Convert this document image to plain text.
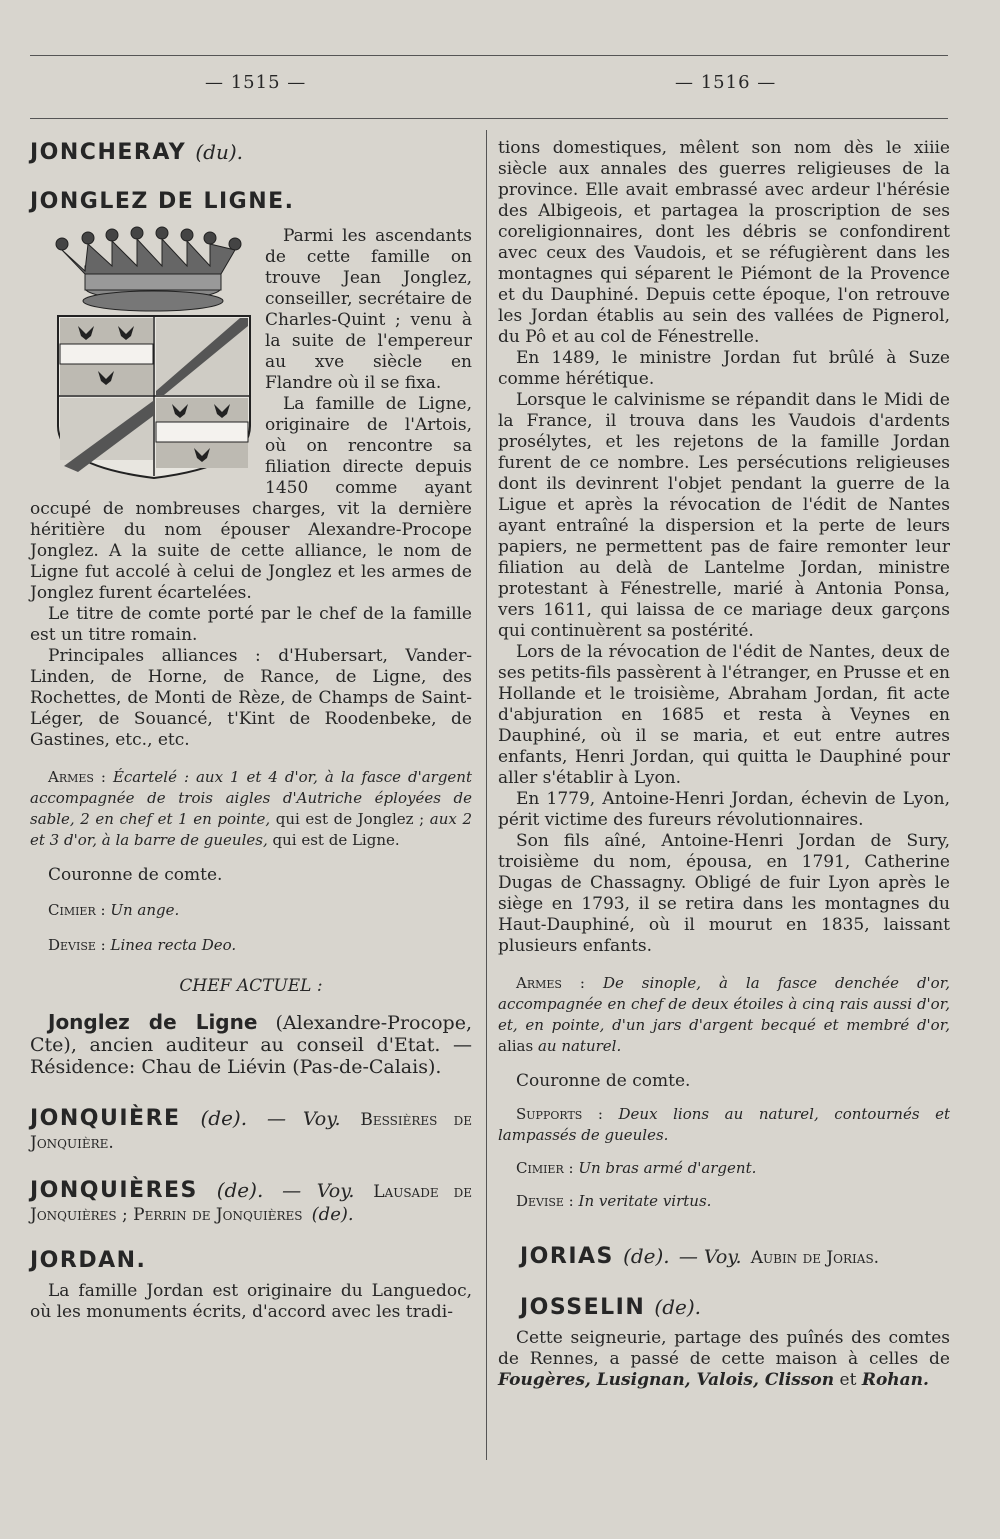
— 1515 —	— 1516 —

JONCHERAY (du).

JONGLEZ DE LIGNE.

Parmi les ascendants de cette famille on trouve Jean Jonglez, conseiller, secrétaire de Charles-Quint ; venu à la suite de l'empereur au xve siècle en Flandre où il se fixa.

La famille de Ligne, originaire de l'Artois, où on rencontre sa filiation directe depuis 1450 comme ayant occupé de nombreuses charges, vit la dernière héritière du nom épouser Alexandre-Procope Jonglez. A la suite de cette alliance, le nom de Ligne fut accolé à celui de Jonglez et les armes de Jonglez furent écartelées.

Le titre de comte porté par le chef de la famille est un titre romain.

Principales alliances : d'Hubersart, Vander-Linden, de Horne, de Rance, de Ligne, des Rochettes, de Monti de Rèze, de Champs de Saint-Léger, de Souancé, t'Kint de Roodenbeke, de Gastines, etc., etc.

Armes : Écartelé : aux 1 et 4 d'or, à la fasce d'argent accompagnée de trois aigles d'Autriche éployées de sable, 2 en chef et 1 en pointe, qui est de Jonglez ; aux 2 et 3 d'or, à la barre de gueules, qui est de Ligne.

Couronne de comte.

Cimier : Un ange.

Devise : Linea recta Deo.

CHEF ACTUEL :

Jonglez de Ligne (Alexandre-Procope, Cte), ancien auditeur au conseil d'Etat. — Résidence: Chau de Liévin (Pas-de-Calais).

JONQUIÈRE (de). — Voy. Bessières de Jonquière.

JONQUIÈRES (de). — Voy. Lausade de Jonquières ; Perrin de Jonquières (de).

JORDAN.

La famille Jordan est originaire du Languedoc, où les monuments écrits, d'accord avec les tradi-

tions domestiques, mêlent son nom dès le xiiie siècle aux annales des guerres religieuses de la province. Elle avait embrassé avec ardeur l'hérésie des Albigeois, et partagea la proscription de ses coreligionnaires, dont les débris se confondirent avec ceux des Vaudois, et se réfugièrent dans les montagnes qui séparent le Piémont de la Provence et du Dauphiné. Depuis cette époque, l'on retrouve les Jordan établis au sein des vallées de Pignerol, du Pô et au col de Fénestrelle.

En 1489, le ministre Jordan fut brûlé à Suze comme hérétique.

Lorsque le calvinisme se répandit dans le Midi de la France, il trouva dans les Vaudois d'ardents prosélytes, et les rejetons de la famille Jordan furent de ce nombre. Les persécutions religieuses dont ils devinrent l'objet pendant la guerre de la Ligue et après la révocation de l'édit de Nantes ayant entraîné la dispersion et la perte de leurs papiers, ne permettent pas de faire remonter leur filiation au delà de Lantelme Jordan, ministre protestant à Fénestrelle, marié à Antonia Ponsa, vers 1611, qui laissa de ce mariage deux garçons qui continuèrent sa postérité.

Lors de la révocation de l'édit de Nantes, deux de ses petits-fils passèrent à l'étranger, en Prusse et en Hollande et le troisième, Abraham Jordan, fit acte d'abjuration en 1685 et resta à Veynes en Dauphiné, où il se maria, et eut entre autres enfants, Henri Jordan, qui quitta le Dauphiné pour aller s'établir à Lyon.

En 1779, Antoine-Henri Jordan, échevin de Lyon, périt victime des fureurs révolutionnaires.

Son fils aîné, Antoine-Henri Jordan de Sury, troisième du nom, épousa, en 1791, Catherine Dugas de Chassagny. Obligé de fuir Lyon après le siège en 1793, il se retira dans les montagnes du Haut-Dauphiné, où il mourut en 1835, laissant plusieurs enfants.

Armes : De sinople, à la fasce denchée d'or, accompagnée en chef de deux étoiles à cinq rais aussi d'or, et, en pointe, d'un jars d'argent becqué et membré d'or, alias au naturel.

Couronne de comte.

Supports : Deux lions au naturel, contournés et lampassés de gueules.

Cimier : Un bras armé d'argent.

Devise : In veritate virtus.

JORIAS (de). — Voy. Aubin de Jorias.

JOSSELIN (de).

Cette seigneurie, partage des puînés des comtes de Rennes, a passé de cette maison à celles de Fougères, Lusignan, Valois, Clisson et Rohan.
